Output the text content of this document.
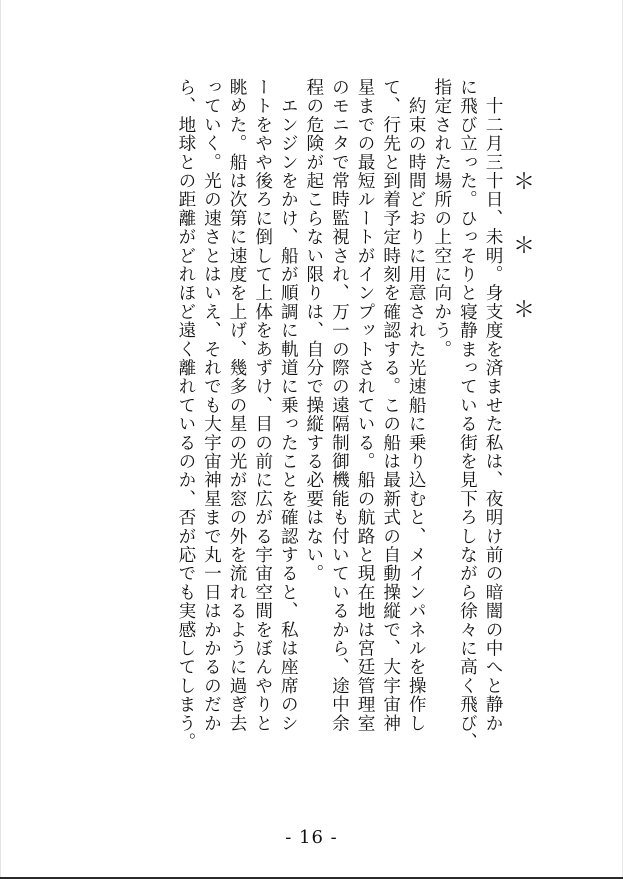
＊
＊
＊
　十二月三十日、未明。身支度を済ませた私は、夜明け前の暗闇の中へと静か
に飛び立った。ひっそりと寝静まっている街を見下ろしながら徐々に高く飛び、
指定された場所の上空に向かう。
　約束の時間どおりに用意された光速船に乗り込むと、メインパネルを操作し
て、行先と到着予定時刻を確認する。この船は最新式の自動操縦で、大宇宙神
星までの最短ルートがインプットされている。船の航路と現在地は宮廷管理室
のモニタで常時監視され、万一の際の遠隔制御機能も付いているから、途中余
程の危険が起こらない限りは、自分で操縦する必要はない。
　エンジンをかけ、船が順調に軌道に乗ったことを確認すると、私は座席のシ
ートをやや後ろに倒して上体をあずけ、目の前に広がる宇宙空間をぼんやりと
眺めた。船は次第に速度を上げ、幾多の星の光が窓の外を流れるように過ぎ去
っていく。光の速さとはいえ、それでも大宇宙神星まで丸一日はかかるのだか
ら、地球との距離がどれほど遠く離れているのか、否が応でも実感してしまう。
- 16 -
